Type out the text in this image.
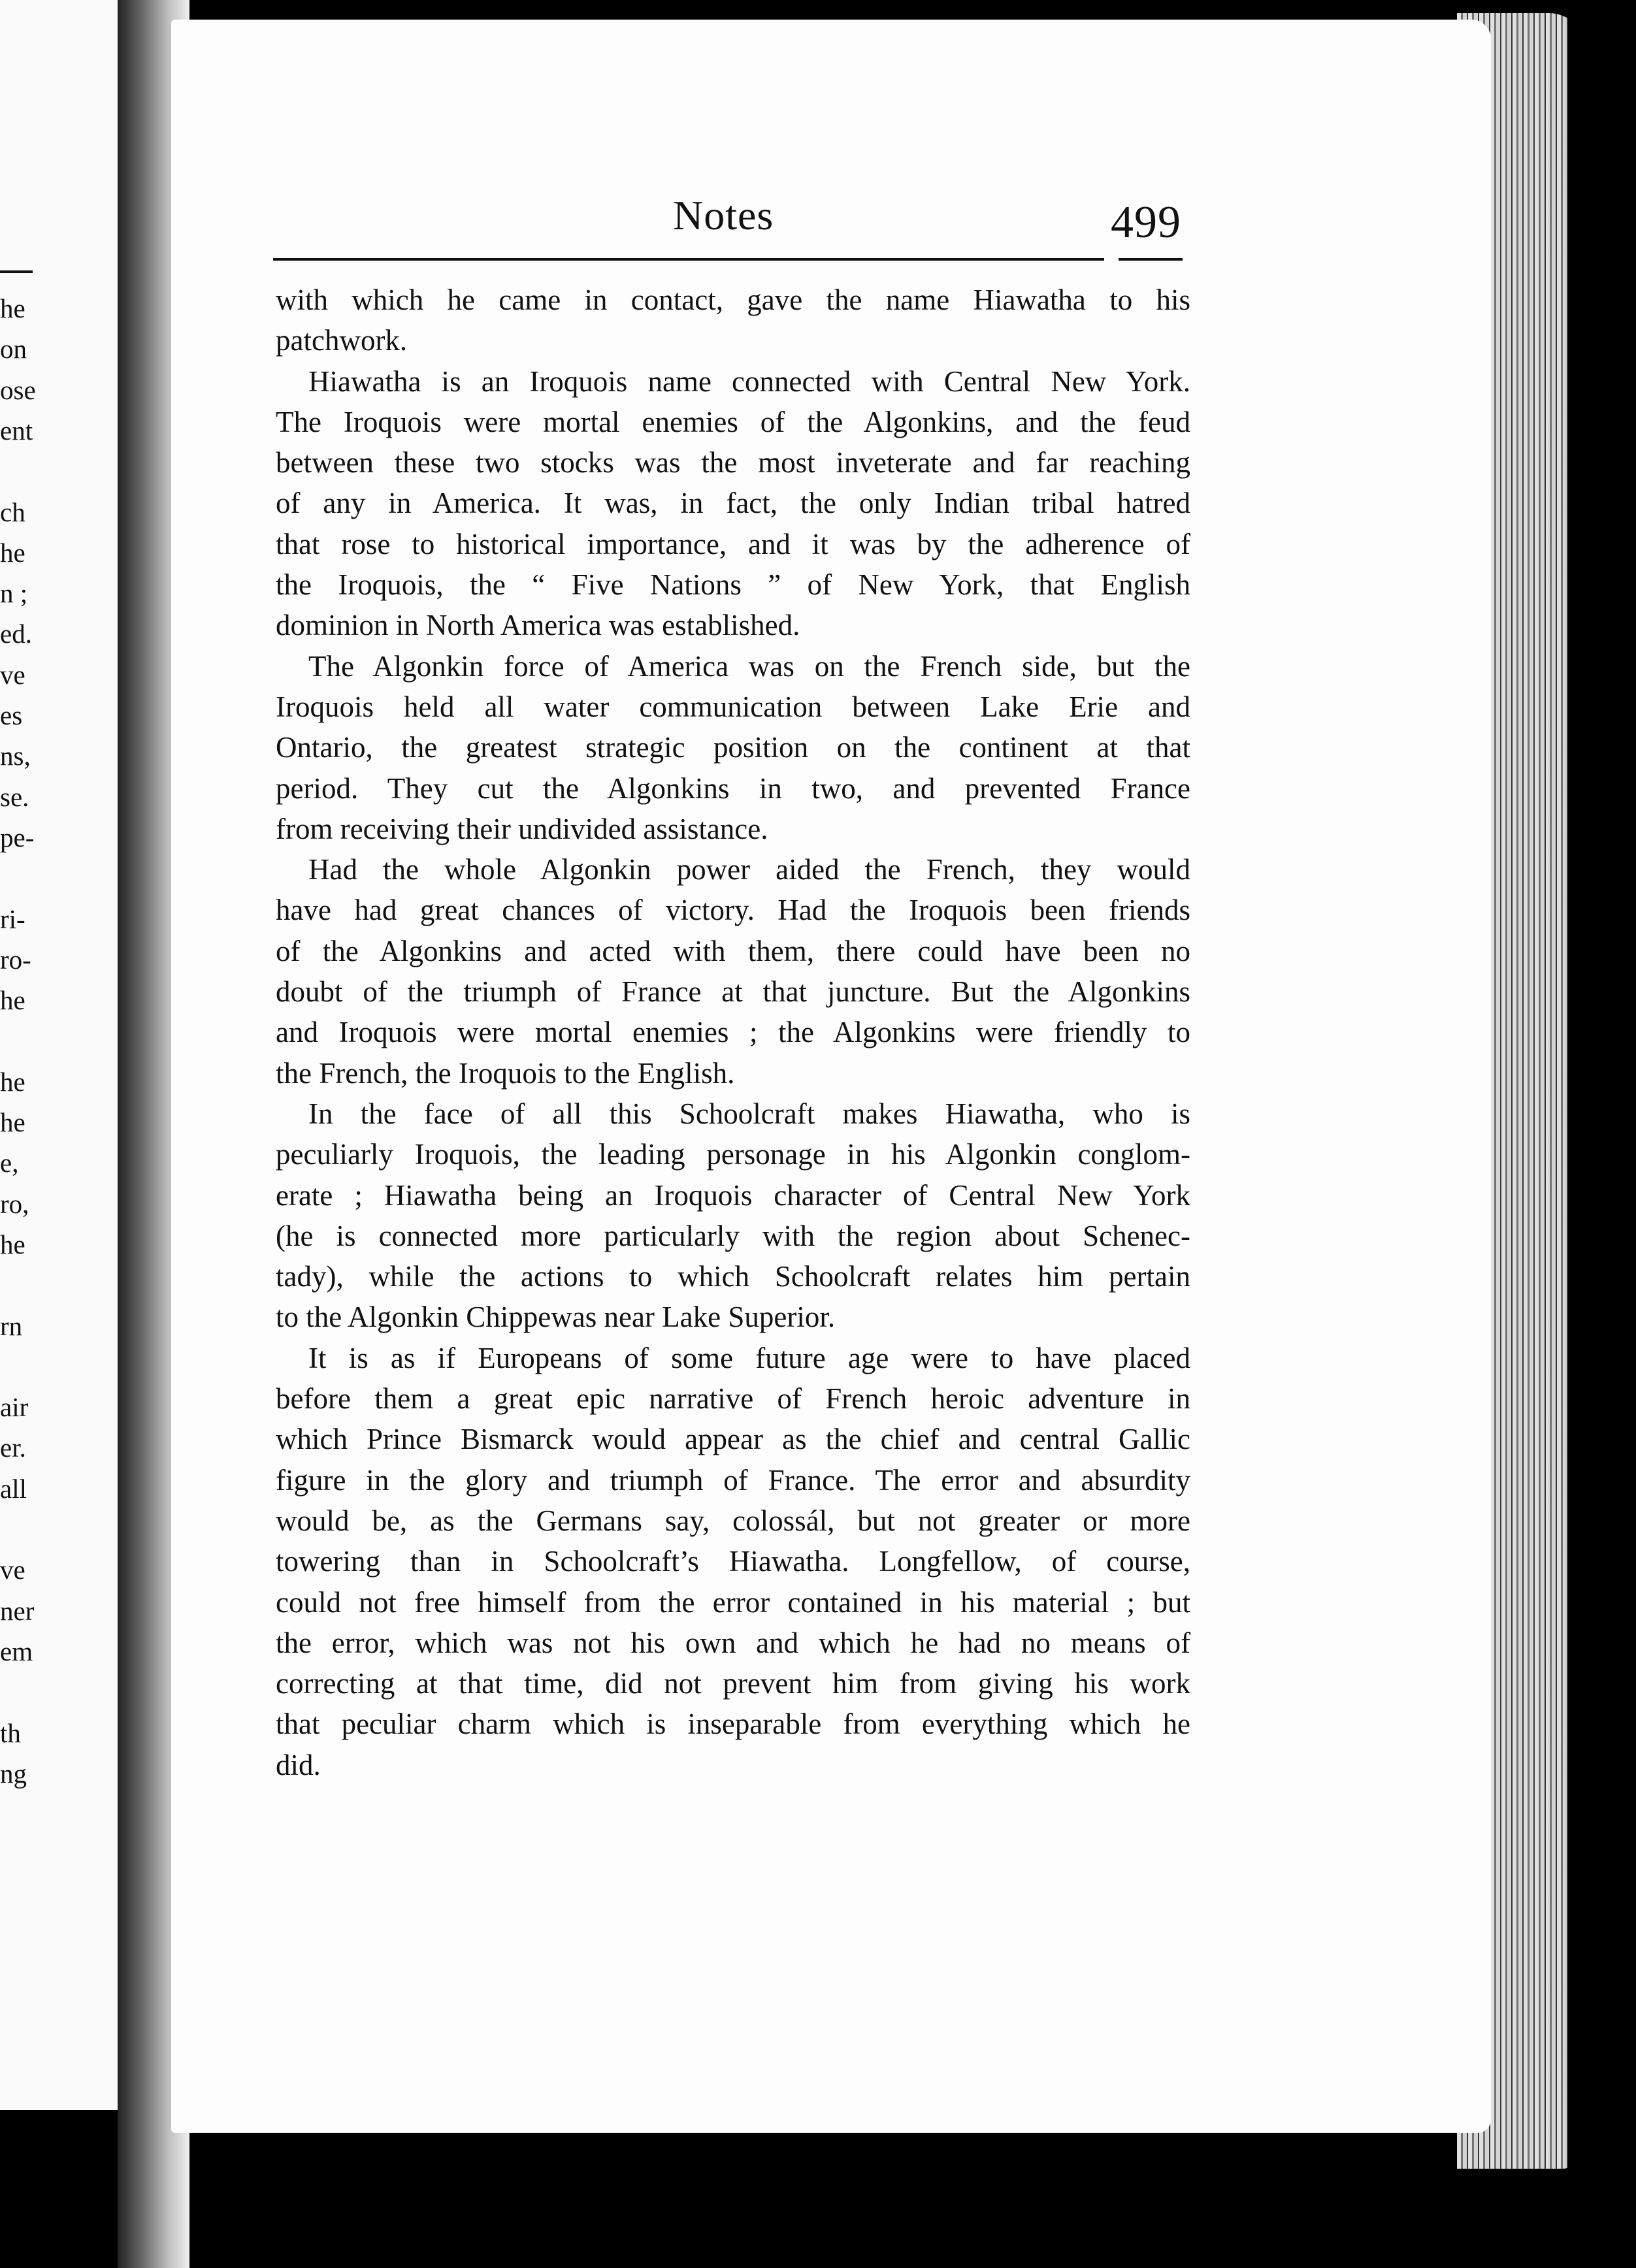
he
on
ose
ent
ch
he
n ;
ed.
ve
es
ns,
se.
pe-
ri-
ro-
he
he
he
e,
ro,
he
rn
air
er.
all
ve
ner
em
th
ng
Notes	499
with which he came in contact, gave the name Hiawatha to his
patchwork.
Hiawatha is an Iroquois name connected with Central New York.
The Iroquois were mortal enemies of the Algonkins, and the feud
between these two stocks was the most inveterate and far reaching
of any in America. It was, in fact, the only Indian tribal hatred
that rose to historical importance, and it was by the adherence of
the Iroquois, the “ Five Nations ” of New York, that English
dominion in North America was established.
The Algonkin force of America was on the French side, but the
Iroquois held all water communication between Lake Erie and
Ontario, the greatest strategic position on the continent at that
period. They cut the Algonkins in two, and prevented France
from receiving their undivided assistance.
Had the whole Algonkin power aided the French, they would
have had great chances of victory. Had the Iroquois been friends
of the Algonkins and acted with them, there could have been no
doubt of the triumph of France at that juncture. But the Algonkins
and Iroquois were mortal enemies ; the Algonkins were friendly to
the French, the Iroquois to the English.
In the face of all this Schoolcraft makes Hiawatha, who is
peculiarly Iroquois, the leading personage in his Algonkin conglom-
erate ; Hiawatha being an Iroquois character of Central New York
(he is connected more particularly with the region about Schenec-
tady), while the actions to which Schoolcraft relates him pertain
to the Algonkin Chippewas near Lake Superior.
It is as if Europeans of some future age were to have placed
before them a great epic narrative of French heroic adventure in
which Prince Bismarck would appear as the chief and central Gallic
figure in the glory and triumph of France. The error and absurdity
would be, as the Germans say, colossál, but not greater or more
towering than in Schoolcraft’s Hiawatha. Longfellow, of course,
could not free himself from the error contained in his material ; but
the error, which was not his own and which he had no means of
correcting at that time, did not prevent him from giving his work
that peculiar charm which is inseparable from everything which he
did.
